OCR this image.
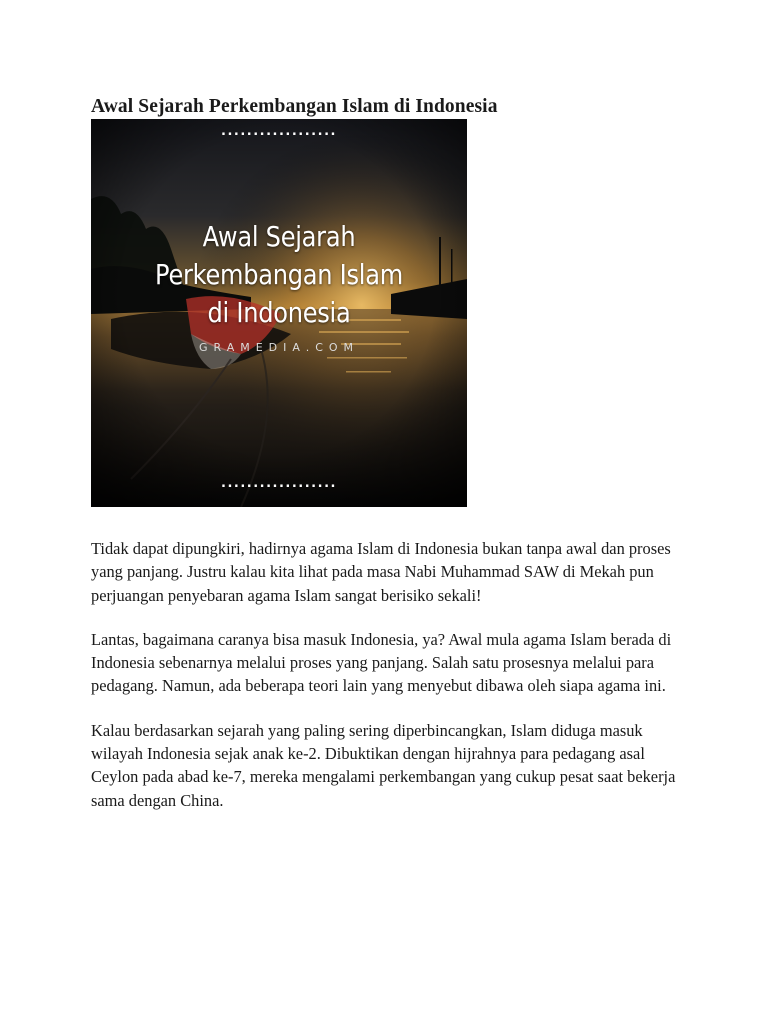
Awal Sejarah Perkembangan Islam di Indonesia
..................
Awal Sejarah
Perkembangan Islam
di Indonesia
GRAMEDIA.COM
..................

Tidak dapat dipungkiri, hadirnya agama Islam di Indonesia bukan tanpa awal dan proses yang panjang. Justru kalau kita lihat pada masa Nabi Muhammad SAW di Mekah pun perjuangan penyebaran agama Islam sangat berisiko sekali!

Lantas, bagaimana caranya bisa masuk Indonesia, ya? Awal mula agama Islam berada di Indonesia sebenarnya melalui proses yang panjang. Salah satu prosesnya melalui para pedagang. Namun, ada beberapa teori lain yang menyebut dibawa oleh siapa agama ini.

Kalau berdasarkan sejarah yang paling sering diperbincangkan, Islam diduga masuk wilayah Indonesia sejak anak ke-2. Dibuktikan dengan hijrahnya para pedagang asal Ceylon pada abad ke-7, mereka mengalami perkembangan yang cukup pesat saat bekerja sama dengan China.
